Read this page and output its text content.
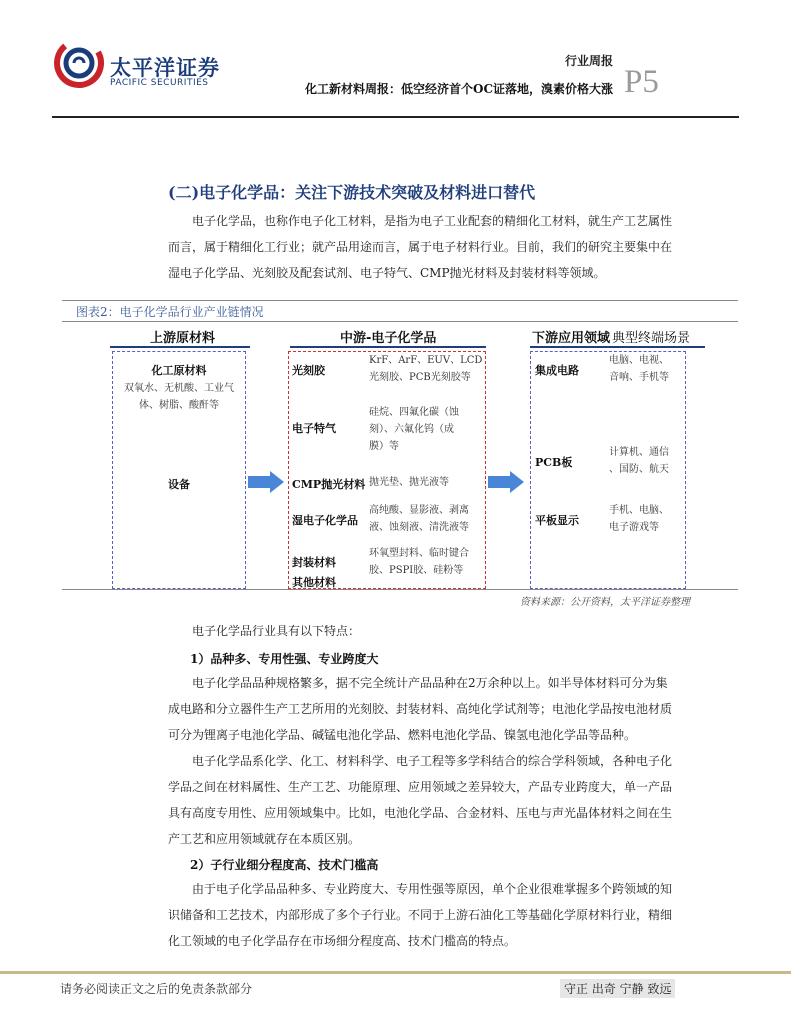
太平洋证券
PACIFIC SECURITIES
行业周报
P5
化工新材料周报：低空经济首个OC证落地，溴素价格大涨
(二)电子化学品：关注下游技术突破及材料进口替代
电子化学品，也称作电子化工材料，是指为电子工业配套的精细化工材料，就生产工艺属性
而言，属于精细化工行业；就产品用途而言，属于电子材料行业。目前，我们的研究主要集中在
湿电子化学品、光刻胶及配套试剂、电子特气、CMP抛光材料及封装材料等领域。
图表2：电子化学品行业产业链情况
上游原材料	中游-电子化学品	下游应用领域 典型终端场景
化工原材料
双氧水、无机酸、工业气
体、树脂、酸酐等
设备
光刻胶
KrF、ArF、EUV、LCD
光刻胶、PCB光刻胶等
电子特气
硅烷、四氟化碳（蚀
刻）、六氟化钨（成
膜）等
CMP抛光材料 抛光垫、抛光液等
湿电子化学品
高纯酸、显影液、剥离
液、蚀刻液、清洗液等
封装材料
环氧塑封料、临时键合
胶、PSPI胶、硅粉等
其他材料
集成电路
电脑、电视、
音响、手机等
PCB板
计算机、通信
、国防、航天
平板显示
手机、电脑、
电子游戏等
资料来源：公开资料，太平洋证券整理
电子化学品行业具有以下特点：
1）品种多、专用性强、专业跨度大
电子化学品品种规格繁多，据不完全统计产品品种在2万余种以上。如半导体材料可分为集
成电路和分立器件生产工艺所用的光刻胶、封装材料、高纯化学试剂等；电池化学品按电池材质
可分为锂离子电池化学品、碱锰电池化学品、燃料电池化学品、镍氢电池化学品等品种。
电子化学品系化学、化工、材料科学、电子工程等多学科结合的综合学科领域，各种电子化
学品之间在材料属性、生产工艺、功能原理、应用领域之差异较大，产品专业跨度大，单一产品
具有高度专用性、应用领域集中。比如，电池化学品、合金材料、压电与声光晶体材料之间在生
产工艺和应用领域就存在本质区别。
2）子行业细分程度高、技术门槛高
由于电子化学品品种多、专业跨度大、专用性强等原因，单个企业很难掌握多个跨领域的知
识储备和工艺技术，内部形成了多个子行业。不同于上游石油化工等基础化学原材料行业，精细
化工领域的电子化学品存在市场细分程度高、技术门槛高的特点。
请务必阅读正文之后的免责条款部分	守正 出奇 宁静 致远
